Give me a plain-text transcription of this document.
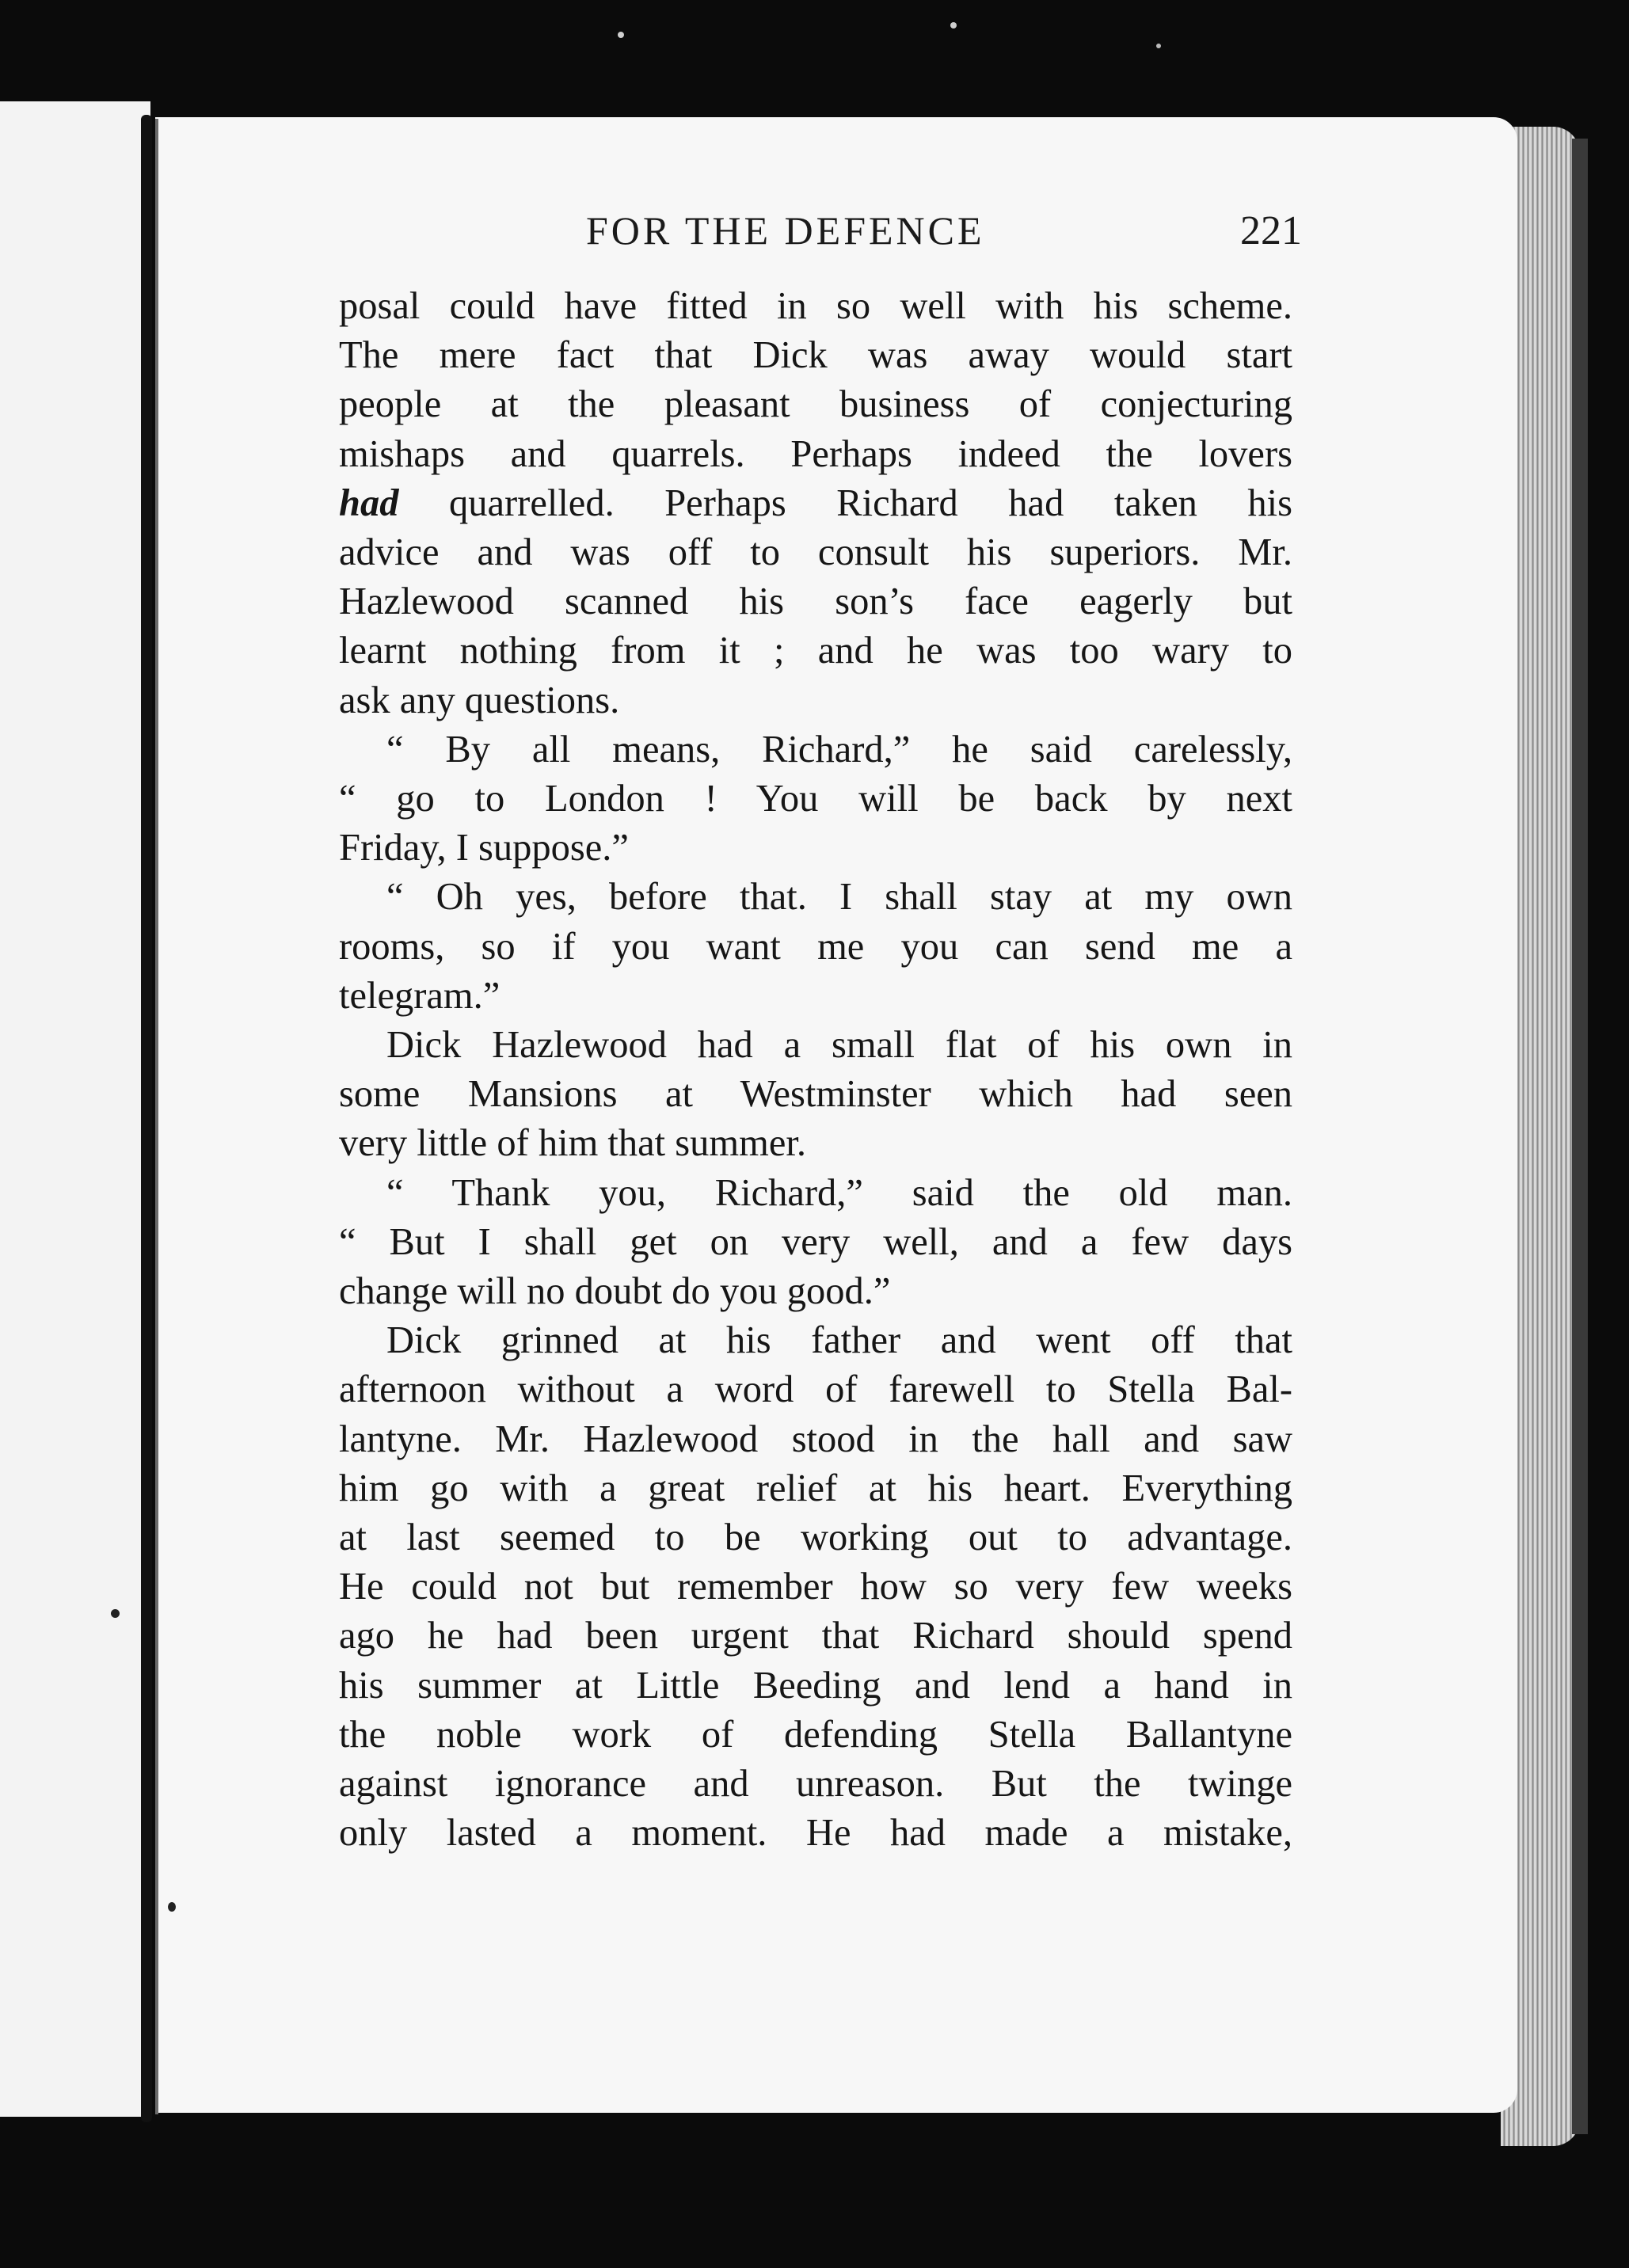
FOR THE DEFENCE	221
posal could have fitted in so well with his scheme.
The mere fact that Dick was away would start
people at the pleasant business of conjecturing
mishaps and quarrels. Perhaps indeed the lovers
had quarrelled. Perhaps Richard had taken his
advice and was off to consult his superiors. Mr.
Hazlewood scanned his son’s face eagerly but
learnt nothing from it ; and he was too wary to
ask any questions.
“ By all means, Richard,” he said carelessly,
“ go to London ! You will be back by next
Friday, I suppose.”
“ Oh yes, before that. I shall stay at my own
rooms, so if you want me you can send me a
telegram.”
Dick Hazlewood had a small flat of his own in
some Mansions at Westminster which had seen
very little of him that summer.
“ Thank you, Richard,” said the old man.
“ But I shall get on very well, and a few days
change will no doubt do you good.”
Dick grinned at his father and went off that
afternoon without a word of farewell to Stella Bal-
lantyne. Mr. Hazlewood stood in the hall and saw
him go with a great relief at his heart. Everything
at last seemed to be working out to advantage.
He could not but remember how so very few weeks
ago he had been urgent that Richard should spend
his summer at Little Beeding and lend a hand in
the noble work of defending Stella Ballantyne
against ignorance and unreason. But the twinge
only lasted a moment. He had made a mistake,
